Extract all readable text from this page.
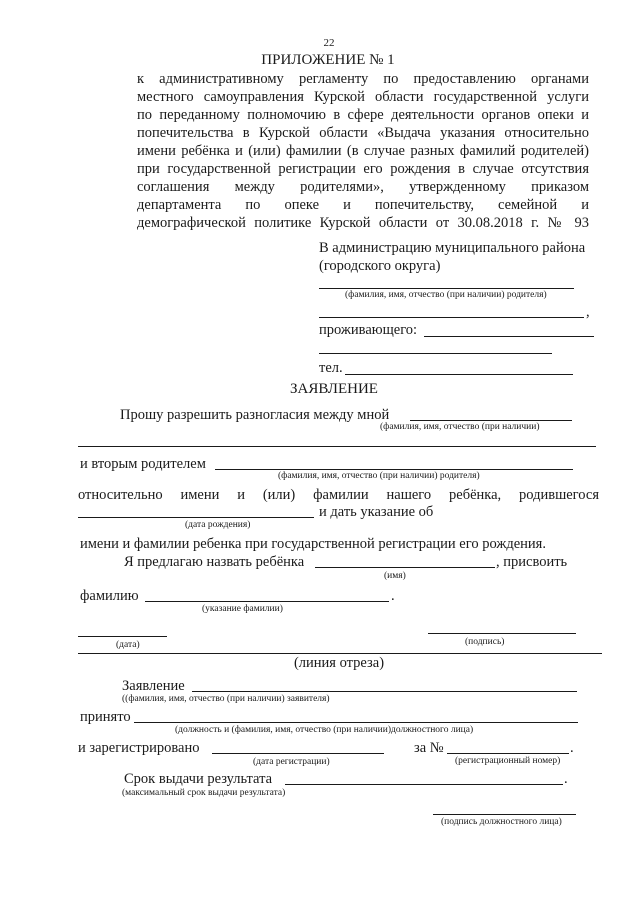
22
ПРИЛОЖЕНИЕ № 1
к административному регламенту по предоставлению органами
местного самоуправления Курской области государственной услуги
по переданному полномочию в сфере деятельности органов опеки и
попечительства в Курской области «Выдача указания относительно
имени ребёнка и (или) фамилии (в случае разных фамилий родителей)
при государственной регистрации его рождения в случае отсутствия
соглашения между родителями», утвержденному приказом
департамента по опеке и попечительству, семейной и
демографической политике Курской области от 30.08.2018 г. № 93
В администрацию муниципального района
(городского округа)
(фамилия, имя, отчество (при наличии) родителя)
,
проживающего:
тел.
ЗАЯВЛЕНИЕ
Прошу разрешить разногласия между мной
(фамилия, имя, отчество (при наличии)
и вторым родителем
(фамилия, имя, отчество (при наличии) родителя)
относительно имени и (или) фамилии нашего ребёнка, родившегося
и дать указание об
(дата рождения)
имени и фамилии ребенка при государственной регистрации его рождения.
Я предлагаю назвать ребёнка	, присвоить
(имя)
фамилию	.
(указание фамилии)
(дата)	(подпись)
(линия отреза)
Заявление
((фамилия, имя, отчество (при наличии) заявителя)
принято
(должность и (фамилия, имя, отчество (при наличии)должностного лица)
и зарегистрировано	за №	.
(дата регистрации)	(регистрационный номер)
Срок выдачи результата	.
(максимальный срок выдачи результата)
(подпись должностного лица)
